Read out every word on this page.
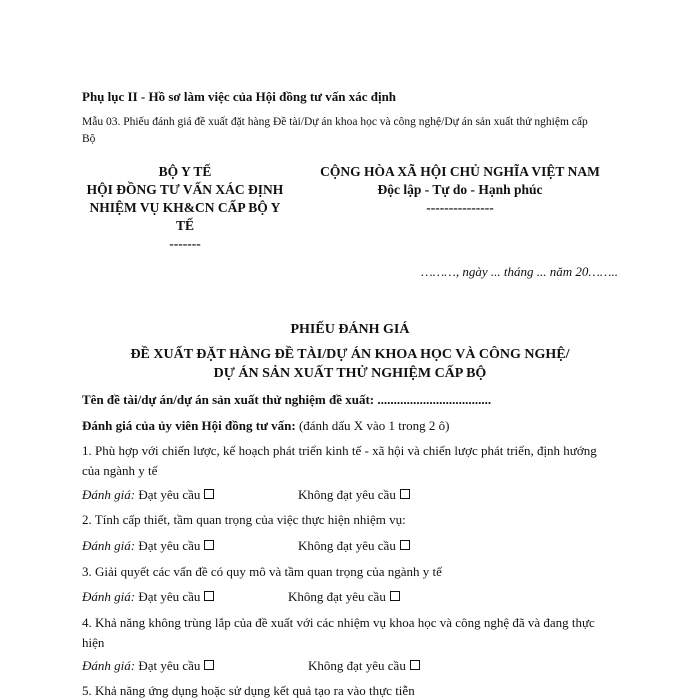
Phụ lục II - Hồ sơ làm việc của Hội đồng tư vấn xác định
Mẫu 03. Phiếu đánh giá đề xuất đặt hàng Đề tài/Dự án khoa học và công nghệ/Dự án sản xuất thử nghiệm cấp Bộ
BỘ Y TẾ
HỘI ĐỒNG TƯ VẤN XÁC ĐỊNH
NHIỆM VỤ KH&CN CẤP BỘ Y
TẾ
-------
CỘNG HÒA XÃ HỘI CHỦ NGHĨA VIỆT NAM
Độc lập - Tự do - Hạnh phúc
---------------
………, ngày ... tháng ... năm 20……..
PHIẾU ĐÁNH GIÁ
ĐỀ XUẤT ĐẶT HÀNG ĐỀ TÀI/DỰ ÁN KHOA HỌC VÀ CÔNG NGHỆ/
DỰ ÁN SẢN XUẤT THỬ NGHIỆM CẤP BỘ
Tên đề tài/dự án/dự án sản xuất thử nghiệm đề xuất: ...................................
Đánh giá của ủy viên Hội đồng tư vấn: (đánh dấu X vào 1 trong 2 ô)
1. Phù hợp với chiến lược, kế hoạch phát triển kinh tế - xã hội và chiến lược phát triển, định hướng của ngành y tế
Đánh giá: Đạt yêu cầu	Không đạt yêu cầu
2. Tính cấp thiết, tầm quan trọng của việc thực hiện nhiệm vụ:
Đánh giá: Đạt yêu cầu	Không đạt yêu cầu
3. Giải quyết các vấn đề có quy mô và tầm quan trọng của ngành y tế
Đánh giá: Đạt yêu cầu	Không đạt yêu cầu
4. Khả năng không trùng lắp của đề xuất với các nhiệm vụ khoa học và công nghệ đã và đang thực hiện
Đánh giá: Đạt yêu cầu	Không đạt yêu cầu
5. Khả năng ứng dụng hoặc sử dụng kết quả tạo ra vào thực tiễn
